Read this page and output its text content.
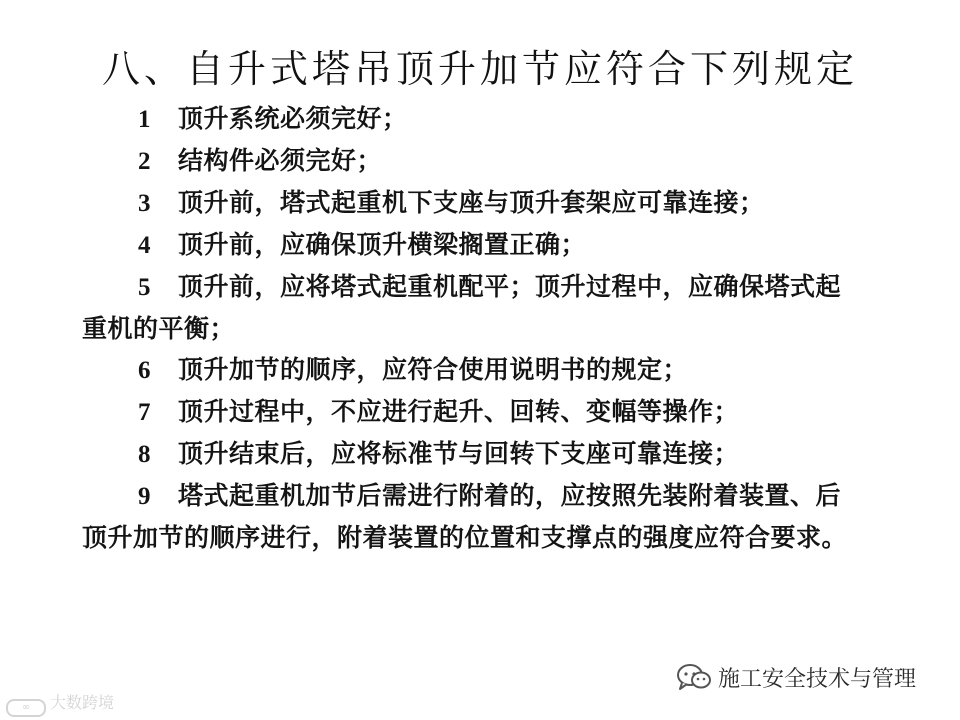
八、自升式塔吊顶升加节应符合下列规定
1 顶升系统必须完好；
2 结构件必须完好；
3 顶升前，塔式起重机下支座与顶升套架应可靠连接；
4 顶升前，应确保顶升横梁搁置正确；
5 顶升前，应将塔式起重机配平；顶升过程中，应确保塔式起重机的平衡；
6 顶升加节的顺序，应符合使用说明书的规定；
7 顶升过程中，不应进行起升、回转、变幅等操作；
8 顶升结束后，应将标准节与回转下支座可靠连接；
9 塔式起重机加节后需进行附着的，应按照先装附着装置、后顶升加节的顺序进行，附着装置的位置和支撑点的强度应符合要求。
∞ 大数跨境
施工安全技术与管理
